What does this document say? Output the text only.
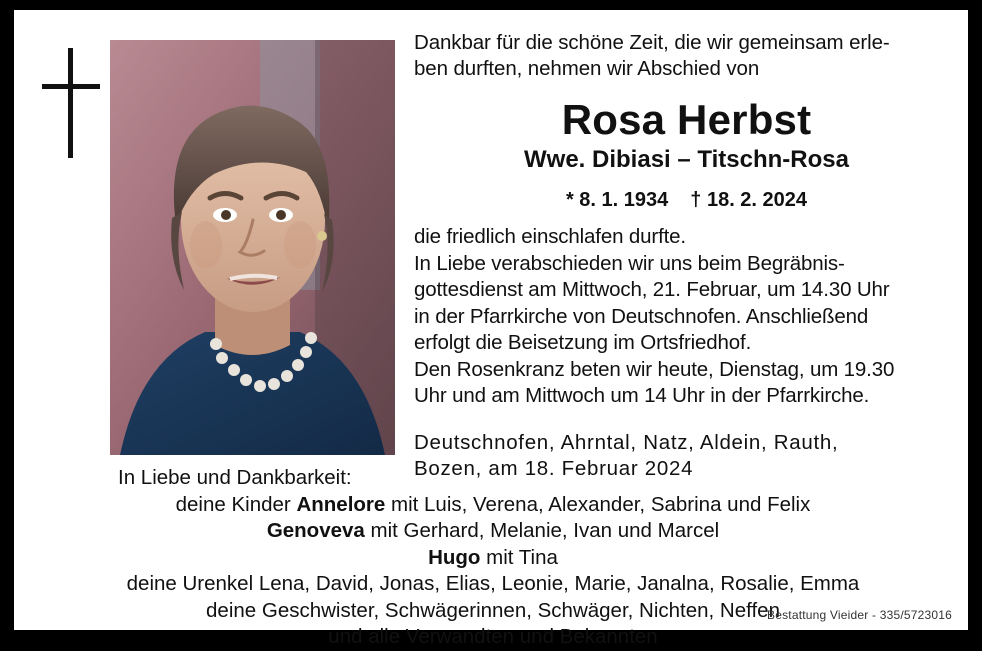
Dankbar für die schöne Zeit, die wir gemeinsam erle-
ben durften, nehmen wir Abschied von
Rosa Herbst
Wwe. Dibiasi – Titschn-Rosa
* 8. 1. 1934 † 18. 2. 2024
die friedlich einschlafen durfte.
In Liebe verabschieden wir uns beim Begräbnis-
gottesdienst am Mittwoch, 21. Februar, um 14.30 Uhr
in der Pfarrkirche von Deutschnofen. Anschließend
erfolgt die Beisetzung im Ortsfriedhof.
Den Rosenkranz beten wir heute, Dienstag, um 19.30
Uhr und am Mittwoch um 14 Uhr in der Pfarrkirche.
Deutschnofen, Ahrntal, Natz, Aldein, Rauth,
Bozen, am 18. Februar 2024
In Liebe und Dankbarkeit:
deine Kinder Annelore mit Luis, Verena, Alexander, Sabrina und Felix
Genoveva mit Gerhard, Melanie, Ivan und Marcel
Hugo mit Tina
deine Urenkel Lena, David, Jonas, Elias, Leonie, Marie, Janalna, Rosalie, Emma
deine Geschwister, Schwägerinnen, Schwäger, Nichten, Neffen
und alle Verwandten und Bekannten
Bestattung Vieider - 335/5723016
